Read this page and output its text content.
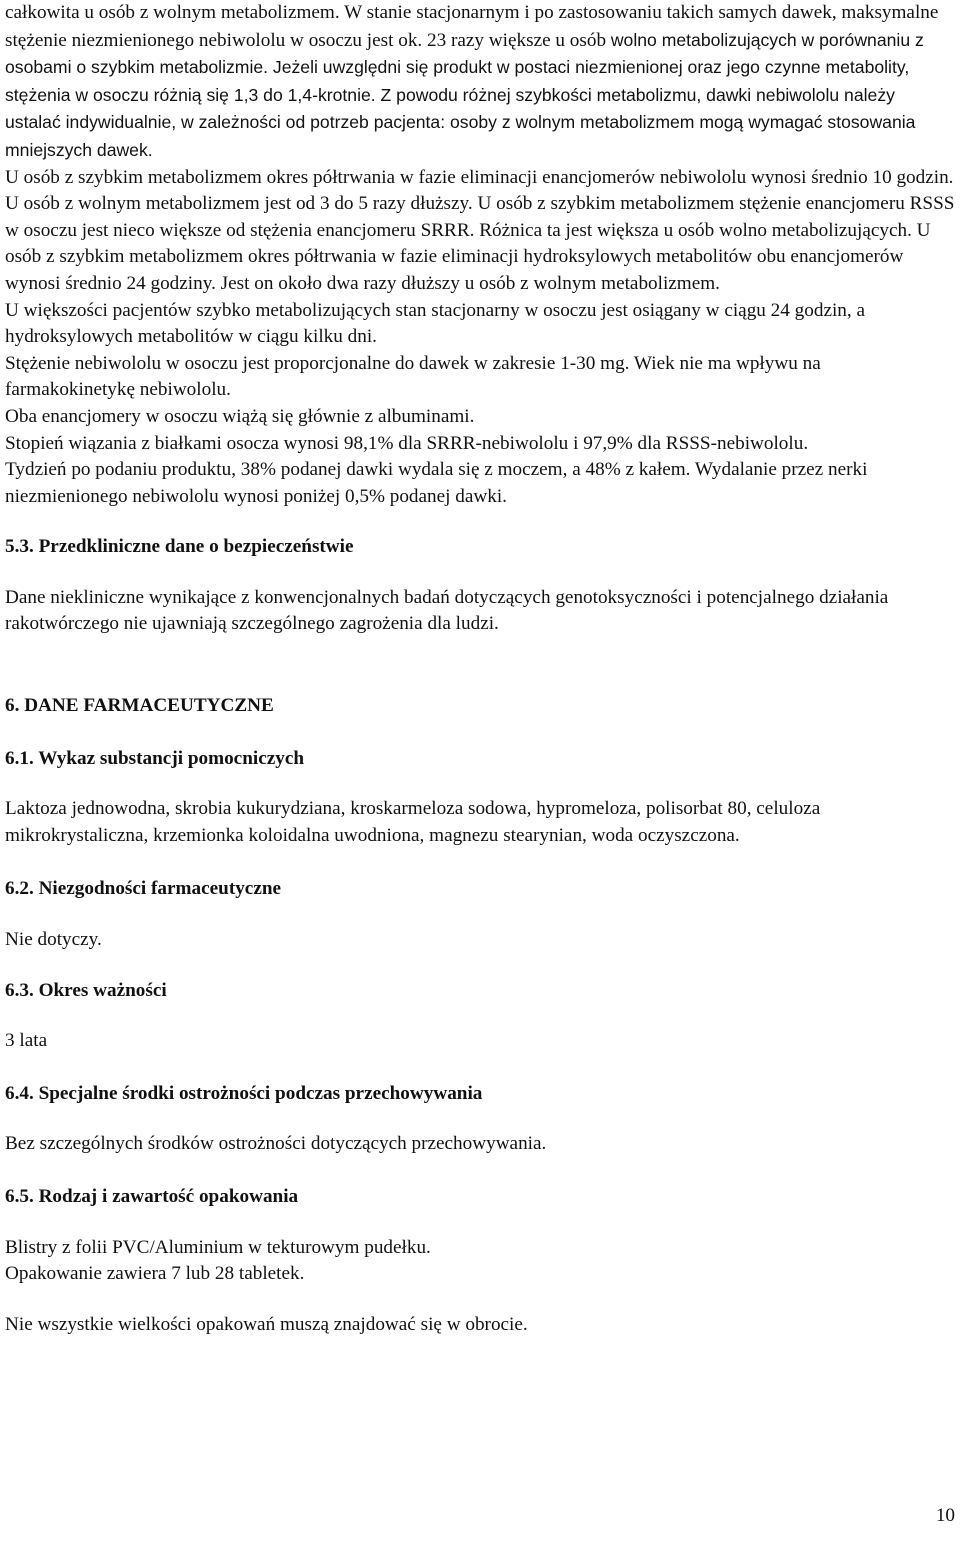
całkowita u osób z wolnym metabolizmem. W stanie stacjonarnym i po zastosowaniu takich samych dawek, maksymalne stężenie niezmienionego nebiwololu w osoczu jest ok. 23 razy większe u osób wolno metabolizujących w porównaniu z osobami o szybkim metabolizmie. Jeżeli uwzględni się produkt w postaci niezmienionej oraz jego czynne metabolity, stężenia w osoczu różnią się 1,3 do 1,4-krotnie. Z powodu różnej szybkości metabolizmu, dawki nebiwololu należy ustalać indywidualnie, w zależności od potrzeb pacjenta: osoby z wolnym metabolizmem mogą wymagać stosowania mniejszych dawek.

U osób z szybkim metabolizmem okres półtrwania w fazie eliminacji enancjomerów nebiwololu wynosi średnio 10 godzin. U osób z wolnym metabolizmem jest od 3 do 5 razy dłuższy. U osób z szybkim metabolizmem stężenie enancjomeru RSSS w osoczu jest nieco większe od stężenia enancjomeru SRRR. Różnica ta jest większa u osób wolno metabolizujących. U osób z szybkim metabolizmem okres półtrwania w fazie eliminacji hydroksylowych metabolitów obu enancjomerów wynosi średnio 24 godziny. Jest on około dwa razy dłuższy u osób z wolnym metabolizmem.

U większości pacjentów szybko metabolizujących stan stacjonarny w osoczu jest osiągany w ciągu 24 godzin, a hydroksylowych metabolitów w ciągu kilku dni.

Stężenie nebiwololu w osoczu jest proporcjonalne do dawek w zakresie 1-30 mg. Wiek nie ma wpływu na farmakokinetykę nebiwololu.

Oba enancjomery w osoczu wiążą się głównie z albuminami.

Stopień wiązania z białkami osocza wynosi 98,1% dla SRRR-nebiwololu i 97,9% dla RSSS-nebiwololu.

Tydzień po podaniu produktu, 38% podanej dawki wydala się z moczem, a 48% z kałem. Wydalanie przez nerki niezmienionego nebiwololu wynosi poniżej 0,5% podanej dawki.

5.3. Przedkliniczne dane o bezpieczeństwie

Dane niekliniczne wynikające z konwencjonalnych badań dotyczących genotoksyczności i potencjalnego działania rakotwórczego nie ujawniają szczególnego zagrożenia dla ludzi.

6. DANE FARMACEUTYCZNE
6.1. Wykaz substancji pomocniczych

Laktoza jednowodna, skrobia kukurydziana, kroskarmeloza sodowa, hypromeloza, polisorbat 80, celuloza mikrokrystaliczna, krzemionka koloidalna uwodniona, magnezu stearynian, woda oczyszczona.

6.2. Niezgodności farmaceutyczne

Nie dotyczy.

6.3. Okres ważności

3 lata

6.4. Specjalne środki ostrożności podczas przechowywania

Bez szczególnych środków ostrożności dotyczących przechowywania.

6.5. Rodzaj i zawartość opakowania

Blistry z folii PVC/Aluminium w tekturowym pudełku.

Opakowanie zawiera 7 lub 28 tabletek.

Nie wszystkie wielkości opakowań muszą znajdować się w obrocie.

10
